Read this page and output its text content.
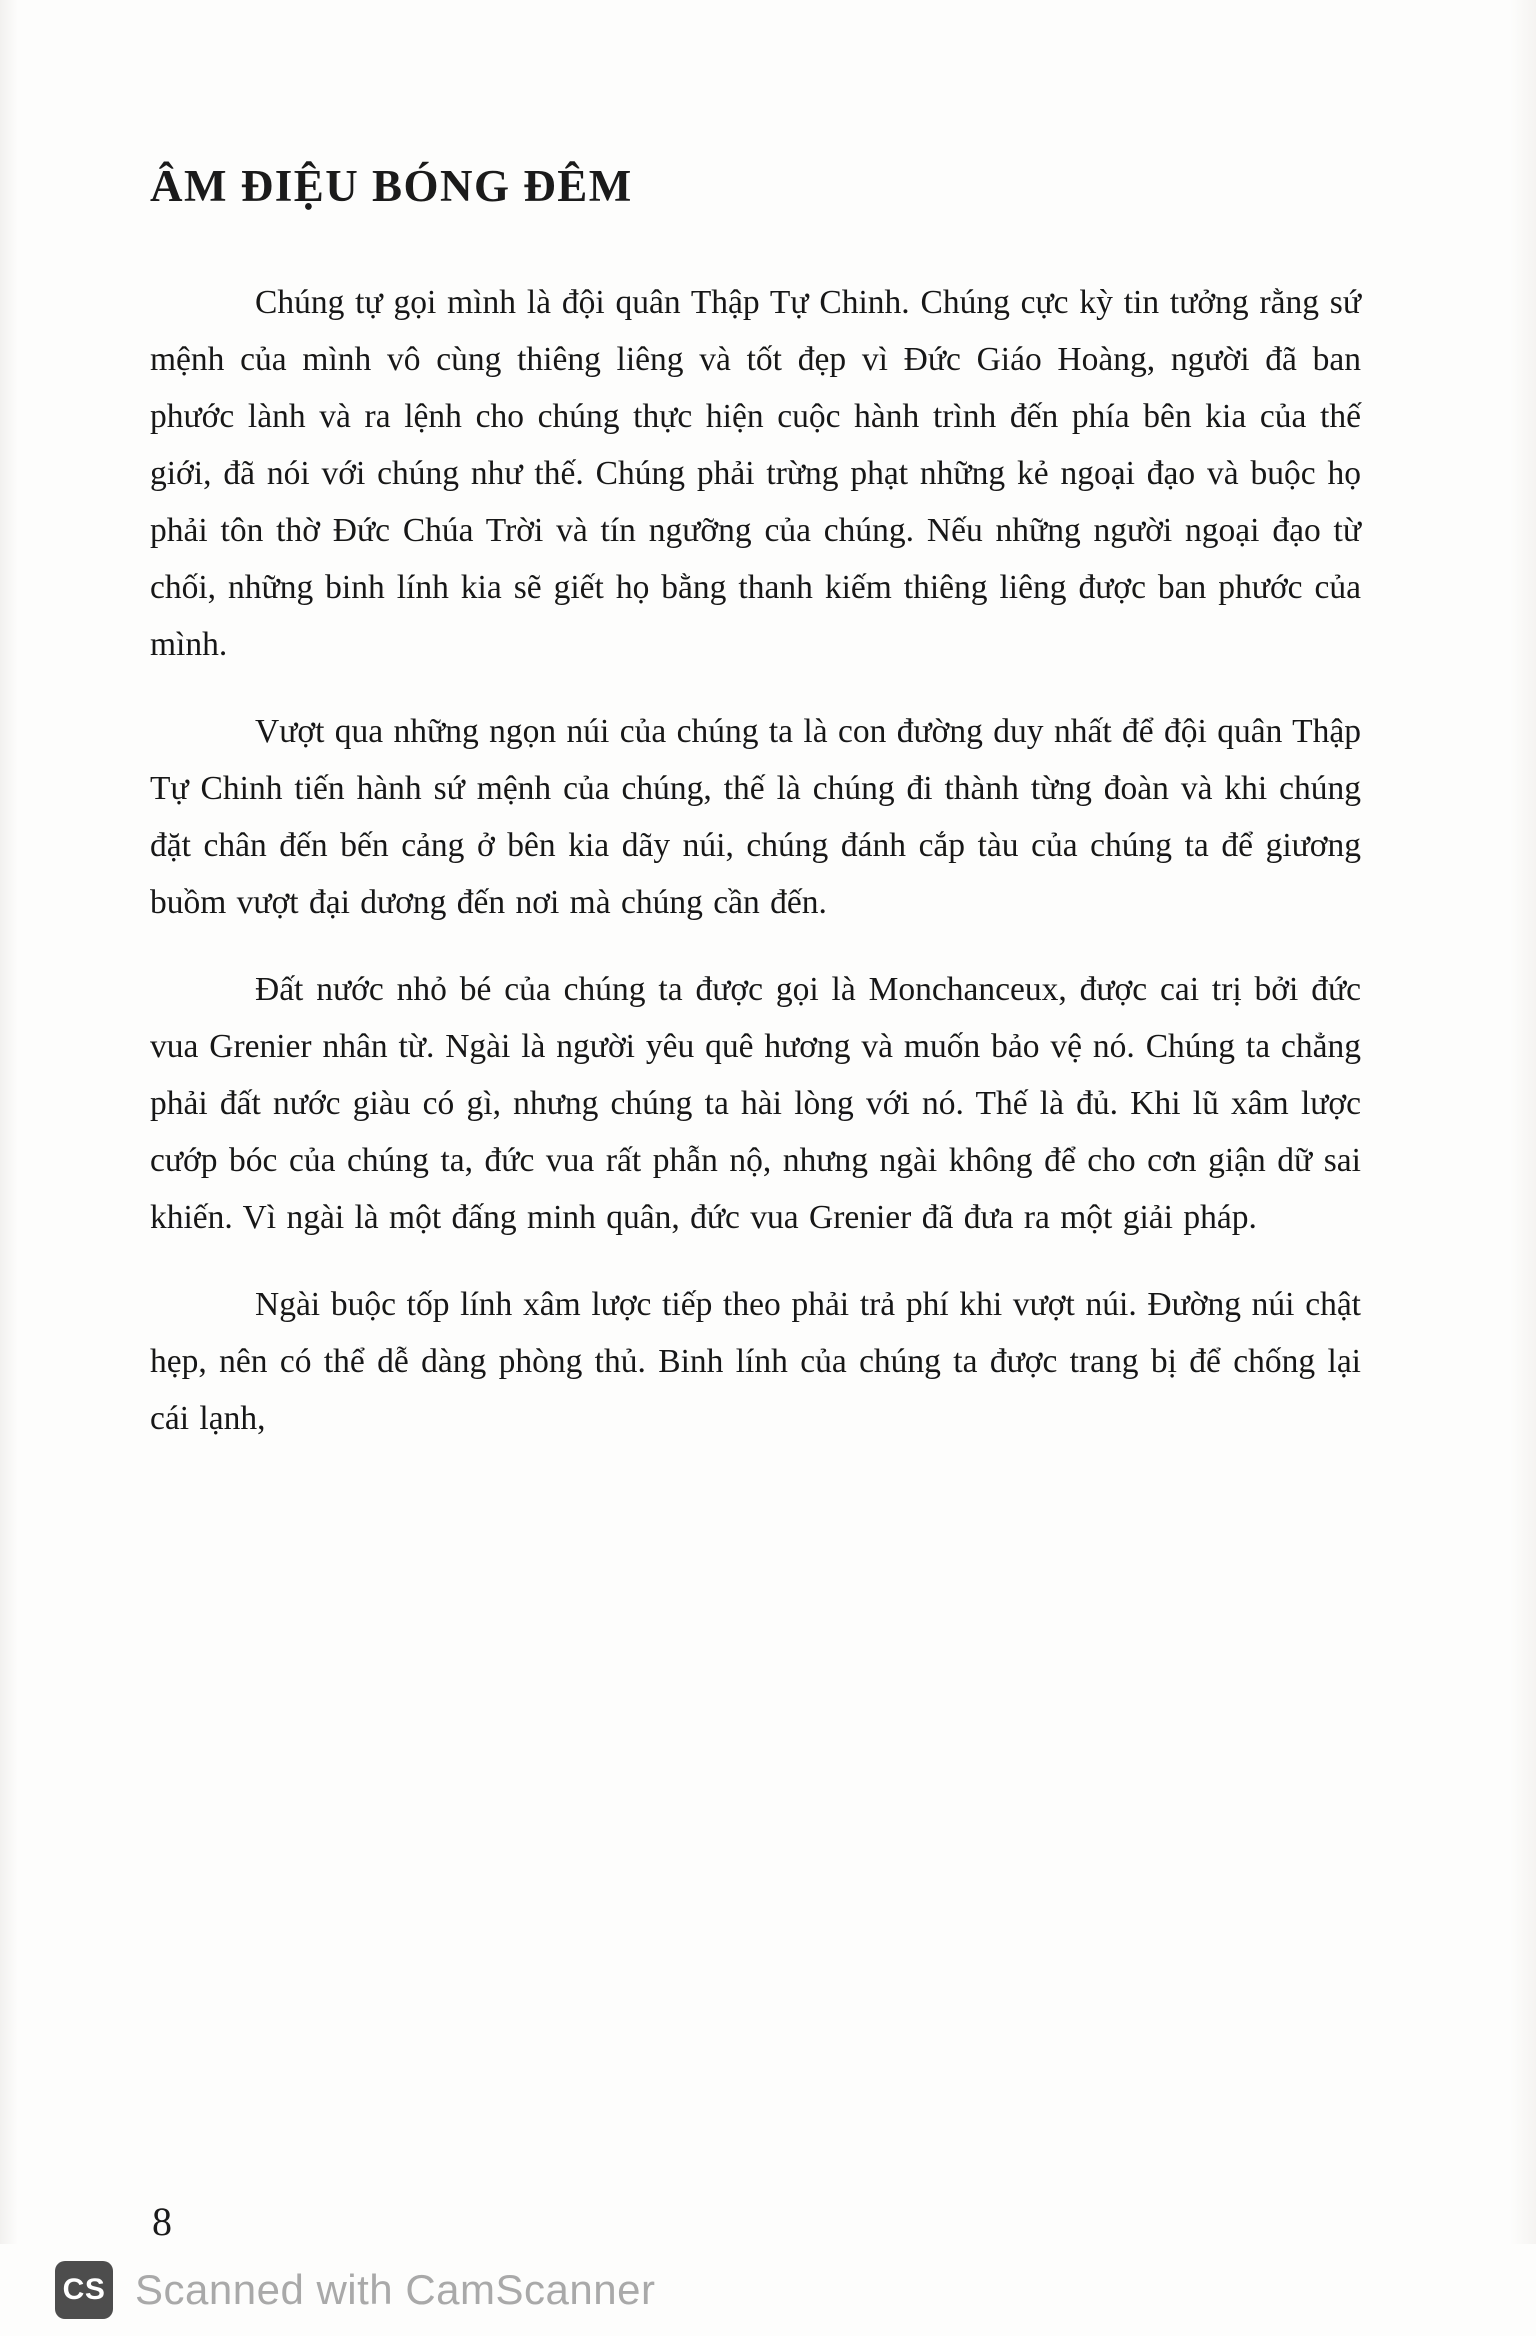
ÂM ĐIỆU BÓNG ĐÊM

Chúng tự gọi mình là đội quân Thập Tự Chinh. Chúng cực kỳ tin tưởng rằng sứ mệnh của mình vô cùng thiêng liêng và tốt đẹp vì Đức Giáo Hoàng, người đã ban phước lành và ra lệnh cho chúng thực hiện cuộc hành trình đến phía bên kia của thế giới, đã nói với chúng như thế. Chúng phải trừng phạt những kẻ ngoại đạo và buộc họ phải tôn thờ Đức Chúa Trời và tín ngưỡng của chúng. Nếu những người ngoại đạo từ chối, những binh lính kia sẽ giết họ bằng thanh kiếm thiêng liêng được ban phước của mình.

Vượt qua những ngọn núi của chúng ta là con đường duy nhất để đội quân Thập Tự Chinh tiến hành sứ mệnh của chúng, thế là chúng đi thành từng đoàn và khi chúng đặt chân đến bến cảng ở bên kia dãy núi, chúng đánh cắp tàu của chúng ta để giương buồm vượt đại dương đến nơi mà chúng cần đến.

Đất nước nhỏ bé của chúng ta được gọi là Monchanceux, được cai trị bởi đức vua Grenier nhân từ. Ngài là người yêu quê hương và muốn bảo vệ nó. Chúng ta chẳng phải đất nước giàu có gì, nhưng chúng ta hài lòng với nó. Thế là đủ. Khi lũ xâm lược cướp bóc của chúng ta, đức vua rất phẫn nộ, nhưng ngài không để cho cơn giận dữ sai khiến. Vì ngài là một đấng minh quân, đức vua Grenier đã đưa ra một giải pháp.

Ngài buộc tốp lính xâm lược tiếp theo phải trả phí khi vượt núi. Đường núi chật hẹp, nên có thể dễ dàng phòng thủ. Binh lính của chúng ta được trang bị để chống lại cái lạnh,

8
CS Scanned with CamScanner
